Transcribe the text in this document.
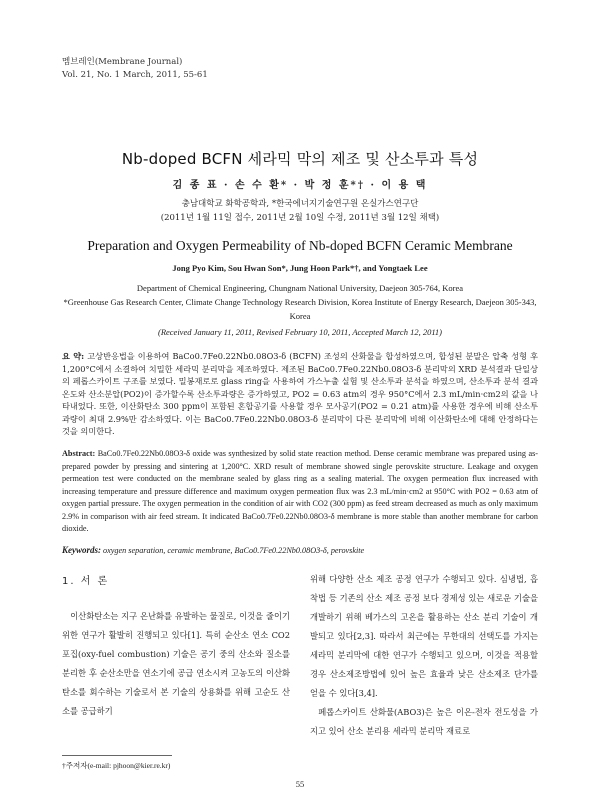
멤브레인(Membrane Journal)
Vol. 21, No. 1 March, 2011, 55-61
Nb-doped BCFN 세라믹 막의 제조 및 산소투과 특성
김 종 표 · 손 수 환* · 박 정 훈*† · 이 용 택
충남대학교 화학공학과, *한국에너지기술연구원 온실가스연구단
(2011년 1월 11일 접수, 2011년 2월 10일 수정, 2011년 3월 12일 채택)
Preparation and Oxygen Permeability of Nb-doped BCFN Ceramic Membrane
Jong Pyo Kim, Sou Hwan Son*, Jung Hoon Park*†, and Yongtaek Lee
Department of Chemical Engineering, Chungnam National University, Daejeon 305-764, Korea
*Greenhouse Gas Research Center, Climate Change Technology Research Division, Korea Institute of Energy Research, Daejeon 305-343, Korea
(Received January 11, 2011, Revised February 10, 2011, Accepted March 12, 2011)
요 약: 고상반응법을 이용하여 BaCo0.7Fe0.22Nb0.08O3-δ (BCFN) 조성의 산화물을 합성하였으며, 합성된 분말은 압축 성형 후 1,200°C에서 소결하여 치밀한 세라믹 분리막을 제조하였다. 제조된 BaCo0.7Fe0.22Nb0.08O3-δ 분리막의 XRD 분석결과 단일상의 페롭스카이트 구조를 보였다. 밀봉재로로 glass ring을 사용하여 가스누출 실험 및 산소투과 분석을 하였으며, 산소투과 분석 결과 온도와 산소분압(PO2)이 증가할수록 산소투과량은 증가하였고, PO2 = 0.63 atm의 경우 950°C에서 2.3 mL/min·cm2의 값을 나타내었다. 또한, 이산화탄소 300 ppm이 포함된 혼합공기를 사용할 경우 모사공기(PO2 = 0.21 atm)를 사용한 경우에 비해 산소투과량이 최대 2.9%만 감소하였다. 이는 BaCo0.7Fe0.22Nb0.08O3-δ 분리막이 다른 분리막에 비해 이산화탄소에 대해 안정하다는 것을 의미한다.
Abstract: BaCo0.7Fe0.22Nb0.08O3-δ oxide was synthesized by solid state reaction method. Dense ceramic membrane was prepared using as-prepared powder by pressing and sintering at 1,200°C. XRD result of membrane showed single perovskite structure. Leakage and oxygen permeation test were conducted on the membrane sealed by glass ring as a sealing material. The oxygen permeation flux increased with increasing temperature and pressure difference and maximum oxygen permeation flux was 2.3 mL/min·cm2 at 950°C with PO2 = 0.63 atm of oxygen partial pressure. The oxygen permeation in the condition of air with CO2 (300 ppm) as feed stream decreased as much as only maximum 2.9% in comparison with air feed stream. It indicated BaCo0.7Fe0.22Nb0.08O3-δ membrane is more stable than another membrane for carbon dioxide.
Keywords: oxygen separation, ceramic membrane, BaCo0.7Fe0.22Nb0.08O3-δ, perovskite
1. 서 론

이산화탄소는 지구 온난화를 유발하는 물질로, 이것을 줄이기 위한 연구가 활발히 진행되고 있다[1]. 특히 순산소 연소 CO2포집(oxy-fuel combustion) 기술은 공기 중의 산소와 질소를 분리한 후 순산소만을 연소기에 공급 연소시켜 고농도의 이산화탄소를 회수하는 기술로서 본 기술의 상용화를 위해 고순도 산소를 공급하기

위해 다양한 산소 제조 공정 연구가 수행되고 있다. 심냉법, 흡착법 등 기존의 산소 제조 공정 보다 경제성 있는 새로운 기술을 개발하기 위해 베가스의 고온을 활용하는 산소 분리 기술이 개발되고 있다[2,3]. 따라서 최근에는 무한대의 선택도를 가지는 세라믹 분리막에 대한 연구가 수행되고 있으며, 이것을 적용할 경우 산소제조방법에 있어 높은 효율과 낮은 산소제조 단가를 얻을 수 있다[3,4].

페롭스카이트 산화물(ABO3)은 높은 이온-전자 전도성을 가지고 있어 산소 분리용 세라믹 분리막 재료로

†주저자(e-mail: pjhoon@kier.re.kr)
55
